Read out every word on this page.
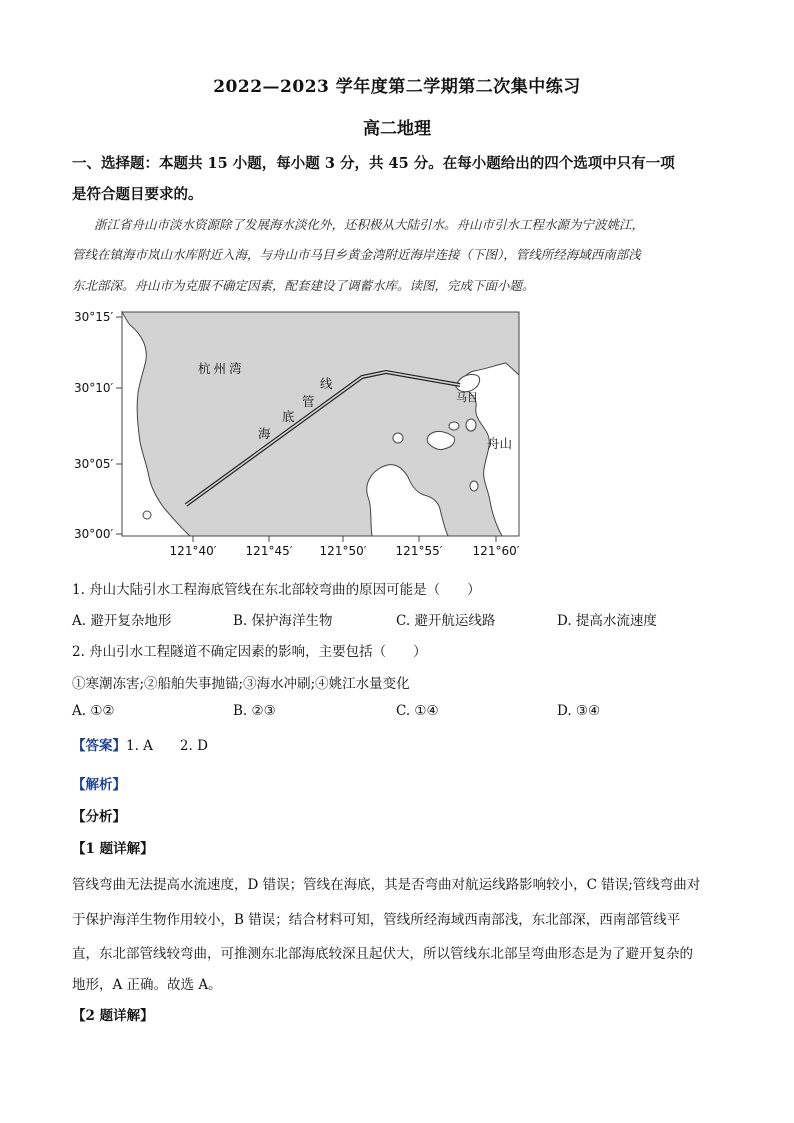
2022—2023 学年度第二学期第二次集中练习
高二地理
一、选择题：本题共 15 小题，每小题 3 分，共 45 分。在每小题给出的四个选项中只有一项
是符合题目要求的。
浙江省舟山市淡水资源除了发展海水淡化外，还积极从大陆引水。舟山市引水工程水源为宁波姚江，
管线在镇海市岚山水库附近入海，与舟山市马目乡黄金湾附近海岸连接（下图），管线所经海域西南部浅
东北部深。舟山市为克服不确定因素，配套建设了调蓄水库。读图，完成下面小题。
30°15′
30°10′
30°05′
30°00′
121°40′ 121°45′ 121°50′ 121°55′	121°60′
杭州湾
马目
舟山
海
底
管
线
1. 舟山大陆引水工程海底管线在东北部较弯曲的原因可能是（　　）
A. 避开复杂地形	B. 保护海洋生物	C. 避开航运线路	D. 提高水流速度
2. 舟山引水工程隧道不确定因素的影响，主要包括（　　）
①寒潮冻害;②船舶失事抛锚;③海水冲刷;④姚江水量变化
A. ①②	B. ②③	C. ①④	D. ③④
【答案】1. A　　2. D
【解析】
【分析】
【1 题详解】
管线弯曲无法提高水流速度，D 错误；管线在海底，其是否弯曲对航运线路影响较小，C 错误;管线弯曲对
于保护海洋生物作用较小，B 错误；结合材料可知，管线所经海域西南部浅，东北部深，西南部管线平
直，东北部管线较弯曲，可推测东北部海底较深且起伏大，所以管线东北部呈弯曲形态是为了避开复杂的
地形，A 正确。故选 A。
【2 题详解】
